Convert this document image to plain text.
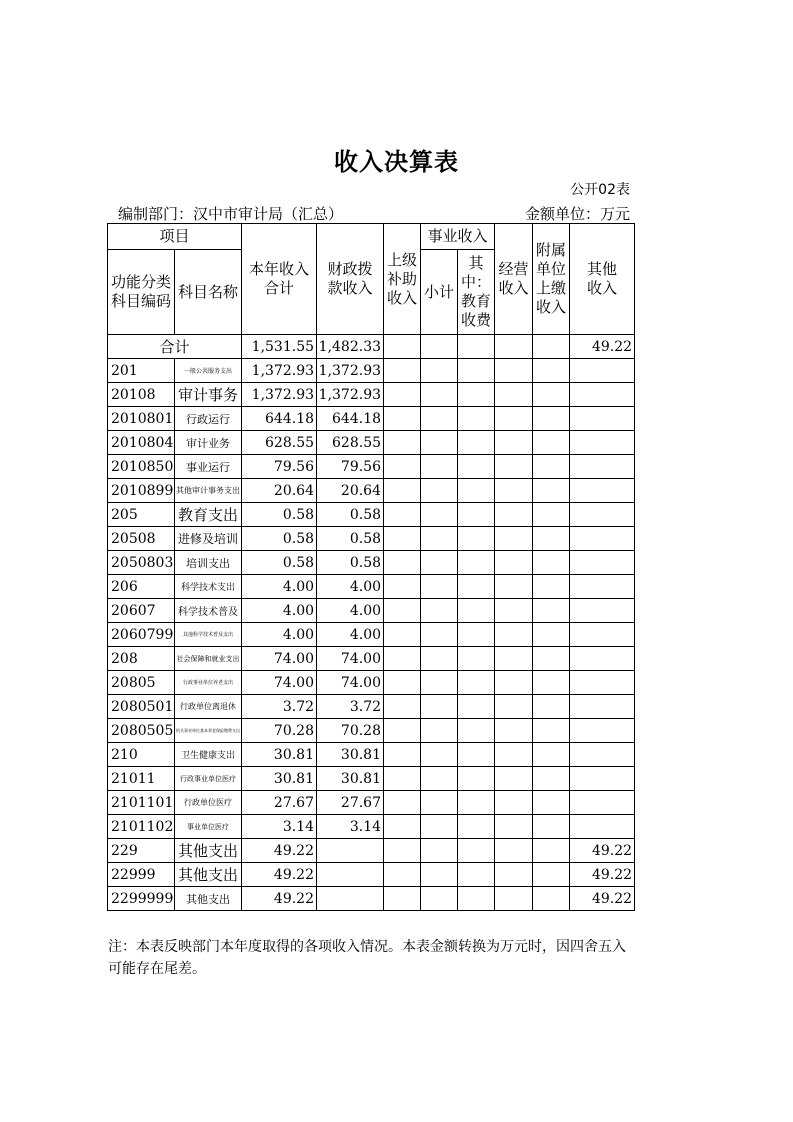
收入决算表
公开02表
编制部门：汉中市审计局（汇总）	金额单位：万元
项目		本年收入合计	财政拨款收入	上级补助收入	事业收入		经营收入	附属单位上缴收入	其他收入
功能分类科目编码	科目名称				小计	其中：教育收费			
合计		1,531.55	1,482.33						49.22
201	一般公共服务支出	1,372.93	1,372.93						
20108	审计事务	1,372.93	1,372.93						
2010801	行政运行	644.18	644.18						
2010804	审计业务	628.55	628.55						
2010850	事业运行	79.56	79.56						
2010899	其他审计事务支出	20.64	20.64						
205	教育支出	0.58	0.58						
20508	进修及培训	0.58	0.58						
2050803	培训支出	0.58	0.58						
206	科学技术支出	4.00	4.00						
20607	科学技术普及	4.00	4.00						
2060799	其他科学技术普及支出	4.00	4.00						
208	社会保障和就业支出	74.00	74.00						
20805	行政事业单位养老支出	74.00	74.00						
2080501	行政单位离退休	3.72	3.72						
2080505	机关事业单位基本养老保险缴费支出	70.28	70.28						
210	卫生健康支出	30.81	30.81						
21011	行政事业单位医疗	30.81	30.81						
2101101	行政单位医疗	27.67	27.67						
2101102	事业单位医疗	3.14	3.14						
229	其他支出	49.22							49.22
22999	其他支出	49.22							49.22
2299999	其他支出	49.22							49.22
注：本表反映部门本年度取得的各项收入情况。本表金额转换为万元时，因四舍五入可能存在尾差。
